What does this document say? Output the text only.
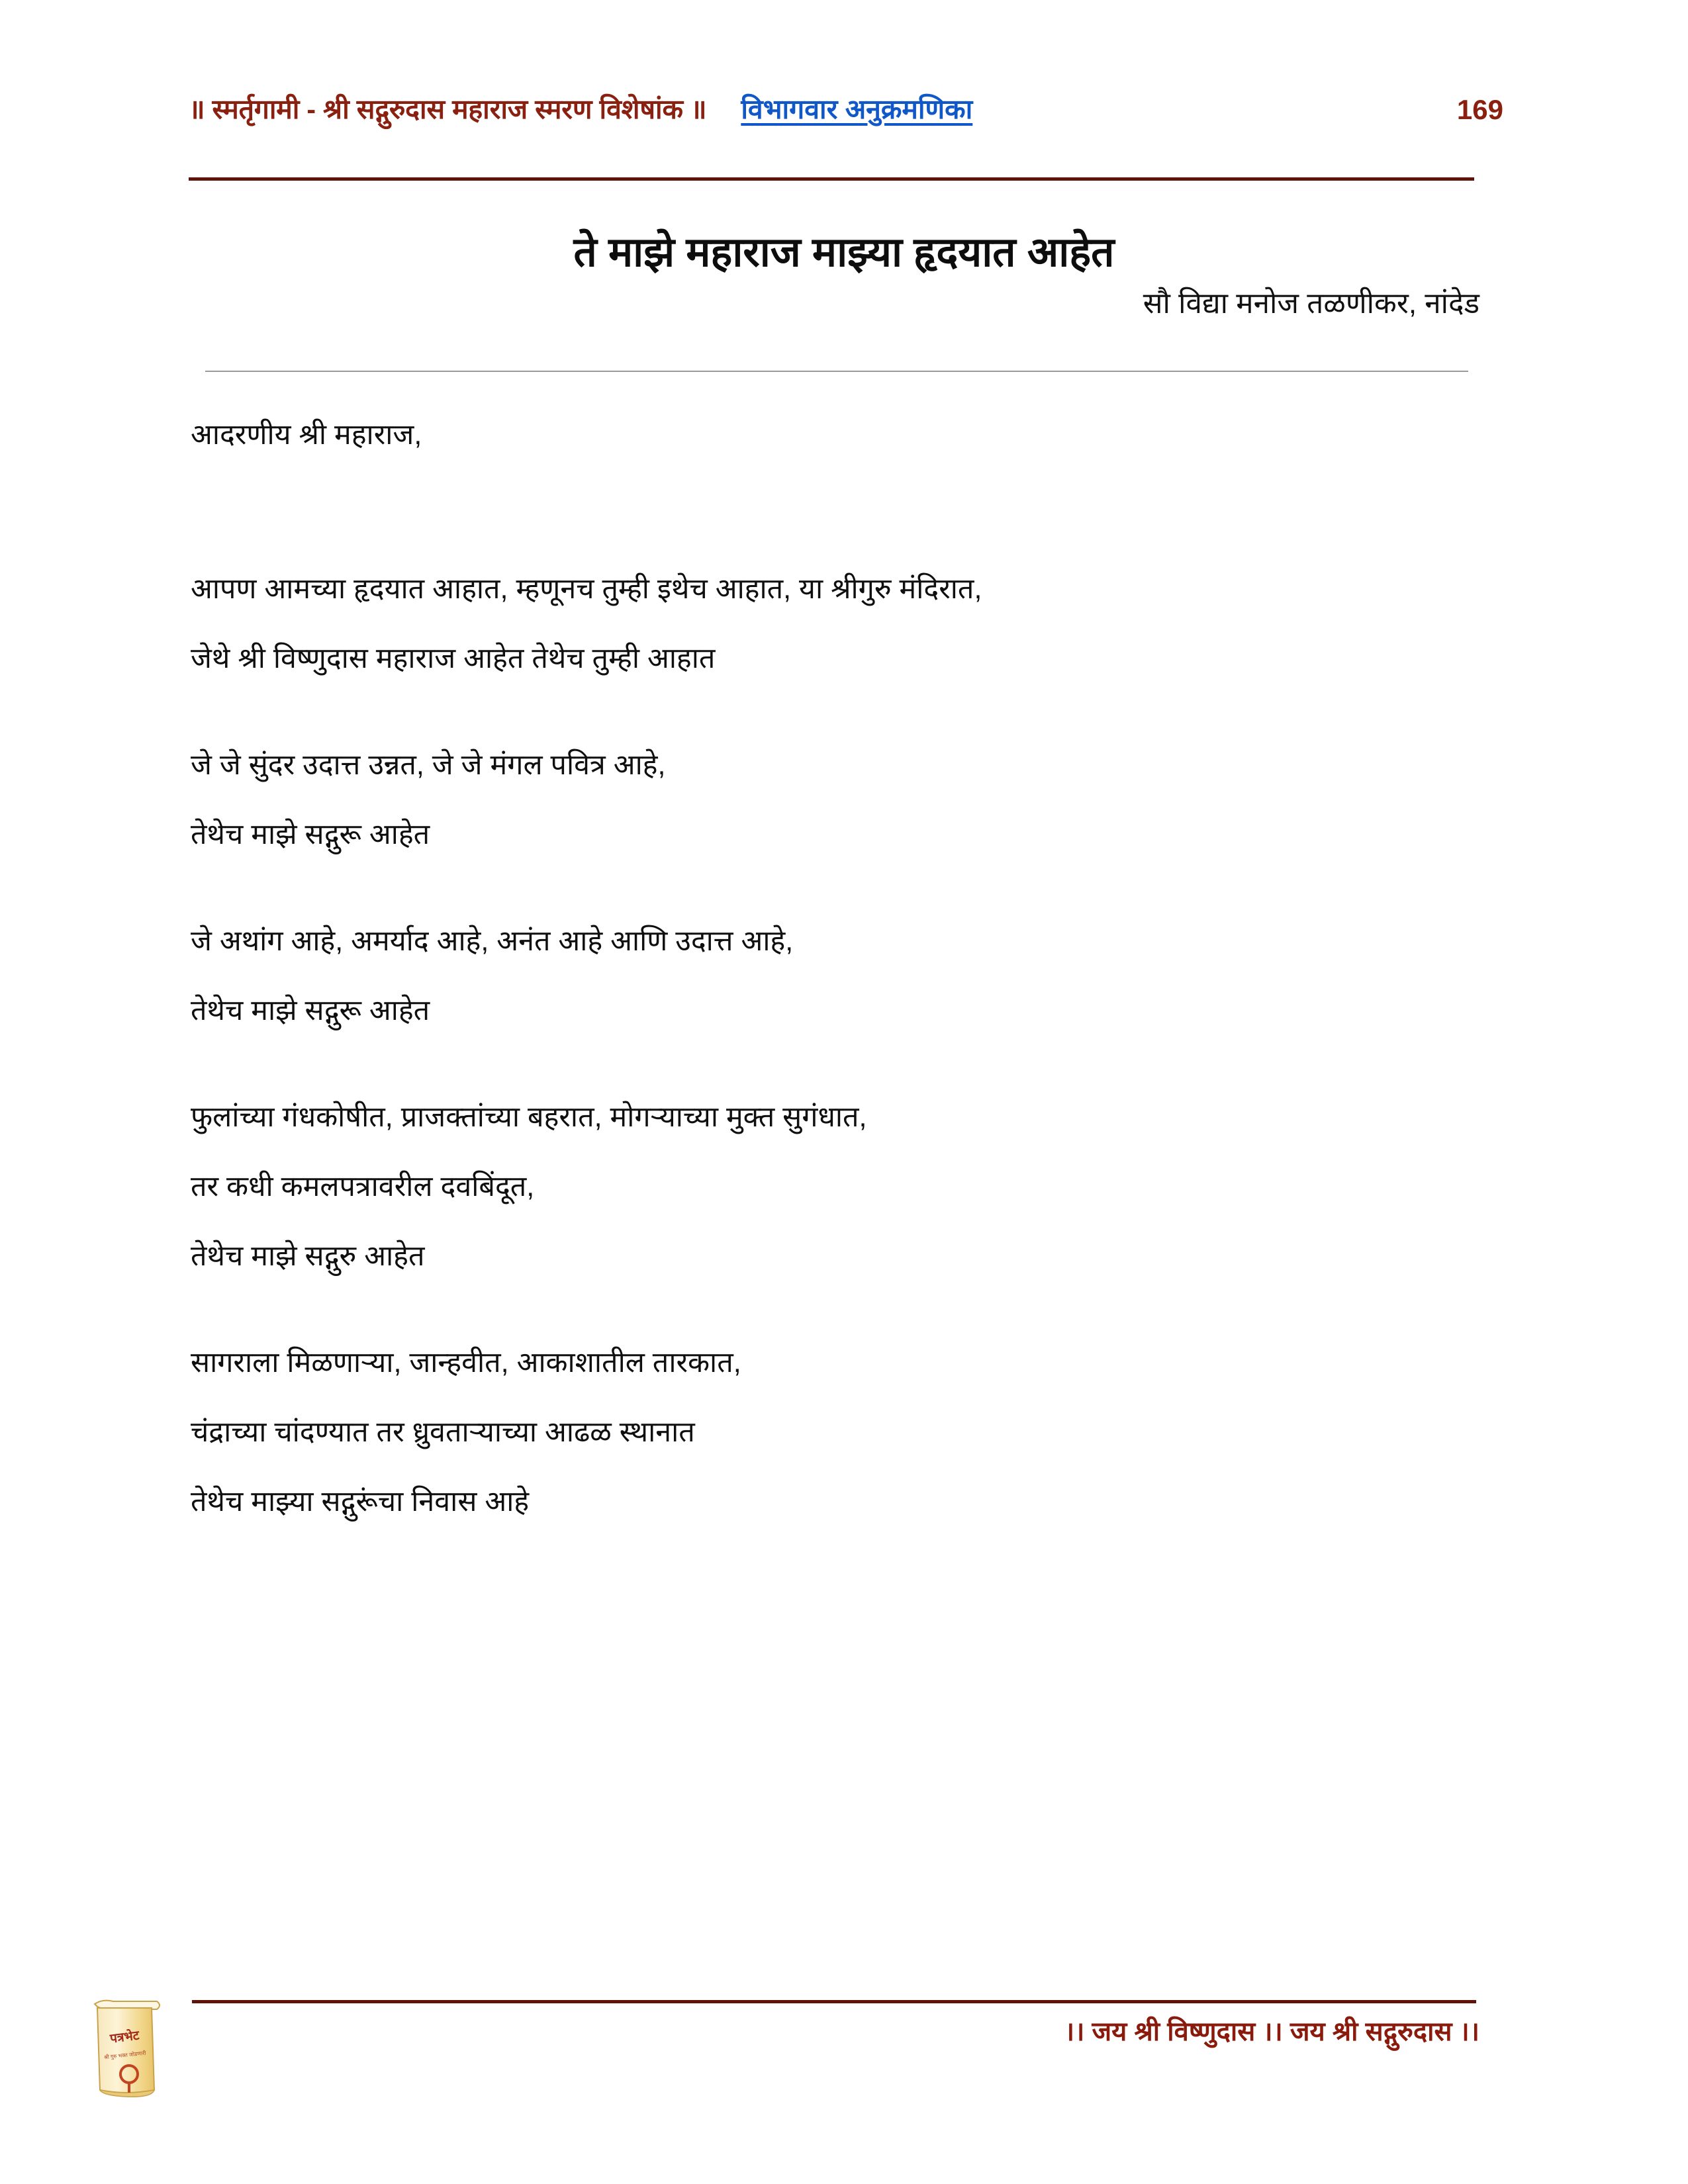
॥ स्मर्तृगामी - श्री सद्गुरुदास महाराज स्मरण विशेषांक ॥ विभागवार अनुक्रमणिका	169
ते माझे महाराज माझ्या हृदयात आहेत
सौ विद्या मनोज तळणीकर, नांदेड
आदरणीय श्री महाराज,
आपण आमच्या हृदयात आहात, म्हणूनच तुम्ही इथेच आहात, या श्रीगुरु मंदिरात,
जेथे श्री विष्णुदास महाराज आहेत तेथेच तुम्ही आहात
जे जे सुंदर उदात्त उन्नत, जे जे मंगल पवित्र आहे,
तेथेच माझे सद्गुरू आहेत
जे अथांग आहे, अमर्याद आहे, अनंत आहे आणि उदात्त आहे,
तेथेच माझे सद्गुरू आहेत
फुलांच्या गंधकोषीत, प्राजक्तांच्या बहरात, मोगऱ्याच्या मुक्त सुगंधात,
तर कधी कमलपत्रावरील दवबिंदूत,
तेथेच माझे सद्गुरु आहेत
सागराला मिळणाऱ्या, जान्हवीत, आकाशातील तारकात,
चंद्राच्या चांदण्यात तर ध्रुवताऱ्याच्या आढळ स्थानात
तेथेच माझ्या सद्गुरूंचा निवास आहे
।। जय श्री विष्णुदास ।। जय श्री सद्गुरुदास ।।
पत्रभेट
श्री गुरु भक्त जोडणारी
